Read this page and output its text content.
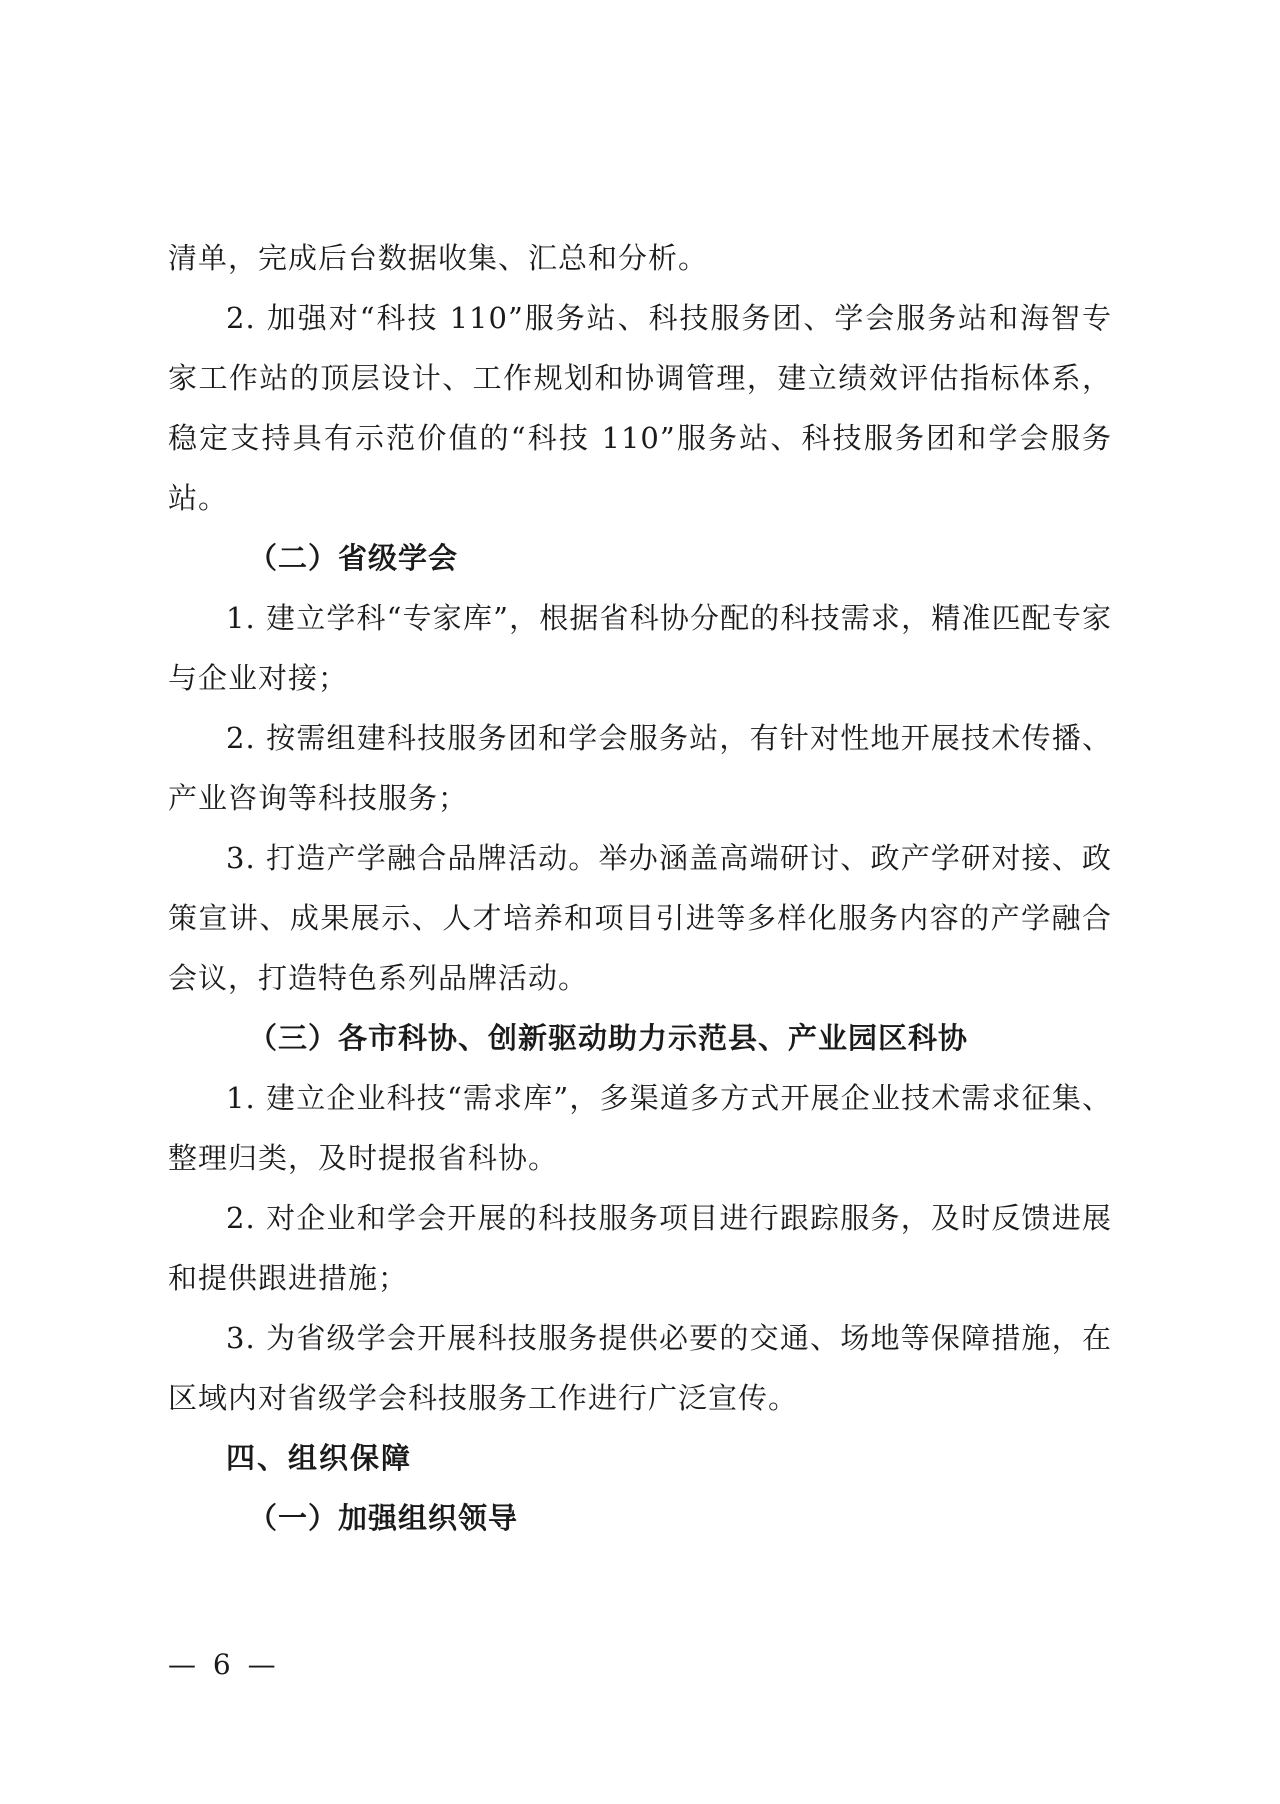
清单，完成后台数据收集、汇总和分析。

2. 加强对“科技 110”服务站、科技服务团、学会服务站和海智专家工作站的顶层设计、工作规划和协调管理，建立绩效评估指标体系，稳定支持具有示范价值的“科技 110”服务站、科技服务团和学会服务站。

（二）省级学会

1. 建立学科“专家库”，根据省科协分配的科技需求，精准匹配专家与企业对接；

2. 按需组建科技服务团和学会服务站，有针对性地开展技术传播、产业咨询等科技服务；

3. 打造产学融合品牌活动。举办涵盖高端研讨、政产学研对接、政策宣讲、成果展示、人才培养和项目引进等多样化服务内容的产学融合会议，打造特色系列品牌活动。

（三）各市科协、创新驱动助力示范县、产业园区科协

1. 建立企业科技“需求库”，多渠道多方式开展企业技术需求征集、整理归类，及时提报省科协。

2. 对企业和学会开展的科技服务项目进行跟踪服务，及时反馈进展和提供跟进措施；

3. 为省级学会开展科技服务提供必要的交通、场地等保障措施，在区域内对省级学会科技服务工作进行广泛宣传。

四、组织保障

（一）加强组织领导

— 6 —
